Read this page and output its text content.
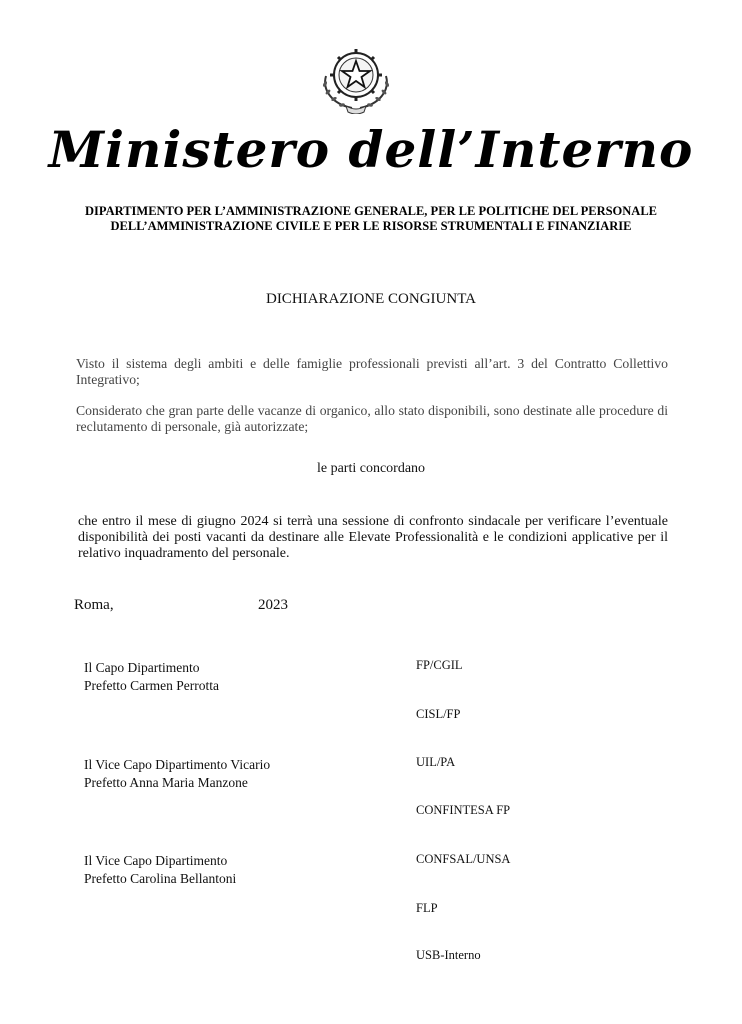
Ministero dell’Interno
DIPARTIMENTO PER L’AMMINISTRAZIONE GENERALE, PER LE POLITICHE DEL PERSONALE
DELL’AMMINISTRAZIONE CIVILE E PER LE RISORSE STRUMENTALI E FINANZIARIE
DICHIARAZIONE CONGIUNTA
Visto il sistema degli ambiti e delle famiglie professionali previsti all’art. 3 del Contratto Collettivo Integrativo;
Considerato che gran parte delle vacanze di organico, allo stato disponibili, sono destinate alle procedure di reclutamento di personale, già autorizzate;
le parti concordano
che entro il mese di giugno 2024 si terrà una sessione di confronto sindacale per verificare l’eventuale disponibilità dei posti vacanti da destinare alle Elevate Professionalità e le condizioni applicative per il relativo inquadramento del personale.
Roma,	2023
Il Capo Dipartimento
Prefetto Carmen Perrotta
Il Vice Capo Dipartimento Vicario
Prefetto Anna Maria Manzone
Il Vice Capo Dipartimento
Prefetto Carolina Bellantoni
FP/CGIL
CISL/FP
UIL/PA
CONFINTESA FP
CONFSAL/UNSA
FLP
USB-Interno
